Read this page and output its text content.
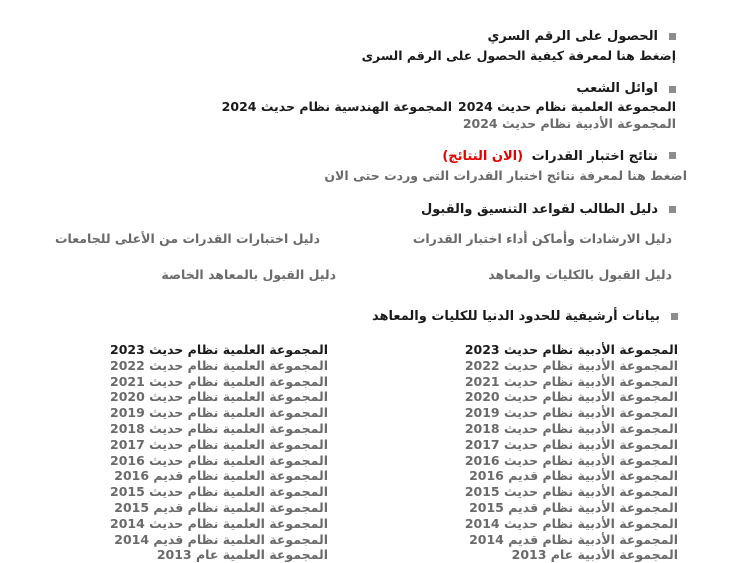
الحصول على الرقم السري
إضغط هنا لمعرفة كيفية الحصول على الرقم السرى
اوائل الشعب
المجموعة العلمية نظام حديث 2024
المجموعة الهندسية نظام حديث 2024
المجموعة الأدبية نظام حديث 2024
نتائج اختبار القدرات (الان النتائج)
اضغط هنا لمعرفة نتائج اختبار القدرات التى وردت حتى الان
دليل الطالب لقواعد التنسيق والقبول
دليل الارشادات وأماكن أداء اختبار القدرات
دليل اختبارات القدرات من الأعلى للجامعات
دليل القبول بالكليات والمعاهد
دليل القبول بالمعاهد الخاصة
بيانات أرشيفية للحدود الدنيا للكليات والمعاهد
المجموعة الأدبية نظام حديث 2023
المجموعة الأدبية نظام حديث 2022
المجموعة الأدبية نظام حديث 2021
المجموعة الأدبية نظام حديث 2020
المجموعة الأدبية نظام حديث 2019
المجموعة الأدبية نظام حديث 2018
المجموعة الأدبية نظام حديث 2017
المجموعة الأدبية نظام حديث 2016
المجموعة الأدبية نظام قديم 2016
المجموعة الأدبية نظام حديث 2015
المجموعة الأدبية نظام قديم 2015
المجموعة الأدبية نظام حديث 2014
المجموعة الأدبية نظام قديم 2014
المجموعة الأدبية عام 2013
المجموعة العلمية نظام حديث 2023
المجموعة العلمية نظام حديث 2022
المجموعة العلمية نظام حديث 2021
المجموعة العلمية نظام حديث 2020
المجموعة العلمية نظام حديث 2019
المجموعة العلمية نظام حديث 2018
المجموعة العلمية نظام حديث 2017
المجموعة العلمية نظام حديث 2016
المجموعة العلمية نظام قديم 2016
المجموعة العلمية نظام حديث 2015
المجموعة العلمية نظام قديم 2015
المجموعة العلمية نظام حديث 2014
المجموعة العلمية نظام قديم 2014
المجموعة العلمية عام 2013
